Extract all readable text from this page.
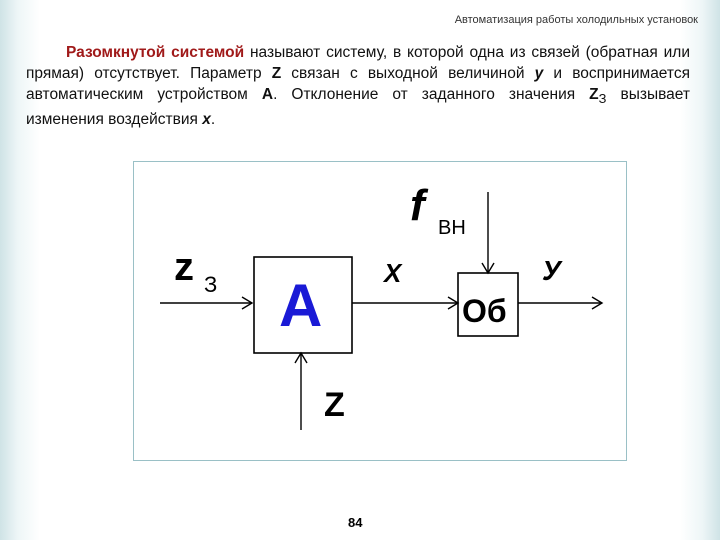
Автоматизация работы холодильных установок

Разомкнутой системой называют систему, в которой одна из связей (обратная или прямая) отсутствует. Параметр Z связан с выходной величиной y и воспринимается автоматическим устройством А. Отклонение от заданного значения $Z_З$ вызывает изменения воздействия x.

z З А X
f ВН
Об
У
Z
84
